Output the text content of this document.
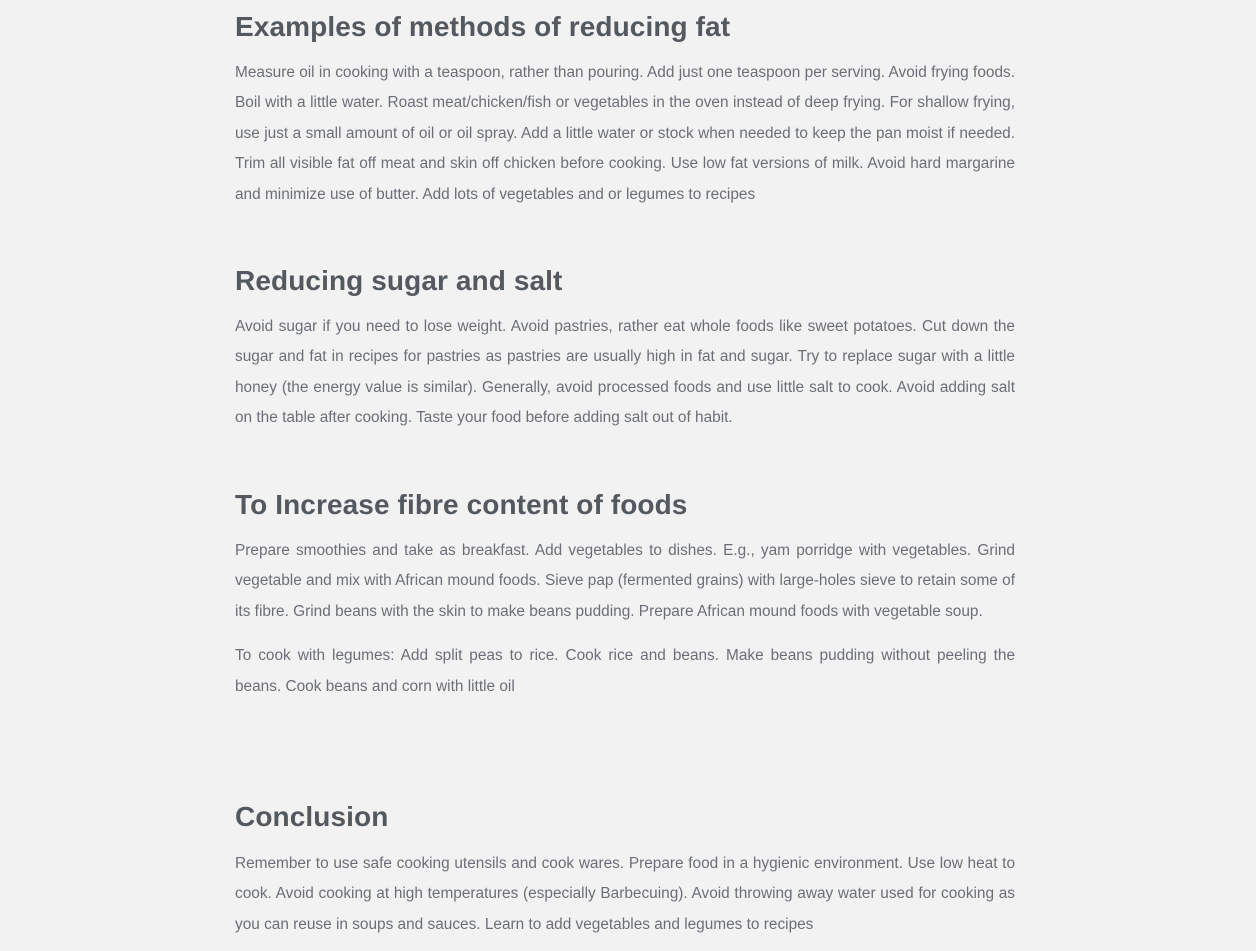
Examples of methods of reducing fat

Measure oil in cooking with a teaspoon, rather than pouring. Add just one teaspoon per serving. Avoid frying foods. Boil with a little water. Roast meat/chicken/fish or vegetables in the oven instead of deep frying. For shallow frying, use just a small amount of oil or oil spray. Add a little water or stock when needed to keep the pan moist if needed. Trim all visible fat off meat and skin off chicken before cooking. Use low fat versions of milk. Avoid hard margarine and minimize use of butter. Add lots of vegetables and or legumes to recipes

Reducing sugar and salt

Avoid sugar if you need to lose weight. Avoid pastries, rather eat whole foods like sweet potatoes. Cut down the sugar and fat in recipes for pastries as pastries are usually high in fat and sugar. Try to replace sugar with a little honey (the energy value is similar). Generally, avoid processed foods and use little salt to cook. Avoid adding salt on the table after cooking. Taste your food before adding salt out of habit.

To Increase fibre content of foods

Prepare smoothies and take as breakfast. Add vegetables to dishes. E.g., yam porridge with vegetables. Grind vegetable and mix with African mound foods. Sieve pap (fermented grains) with large-holes sieve to retain some of its fibre. Grind beans with the skin to make beans pudding. Prepare African mound foods with vegetable soup.

To cook with legumes: Add split peas to rice. Cook rice and beans. Make beans pudding without peeling the beans. Cook beans and corn with little oil

Conclusion

Remember to use safe cooking utensils and cook wares. Prepare food in a hygienic environment. Use low heat to cook. Avoid cooking at high temperatures (especially Barbecuing). Avoid throwing away water used for cooking as you can reuse in soups and sauces. Learn to add vegetables and legumes to recipes
